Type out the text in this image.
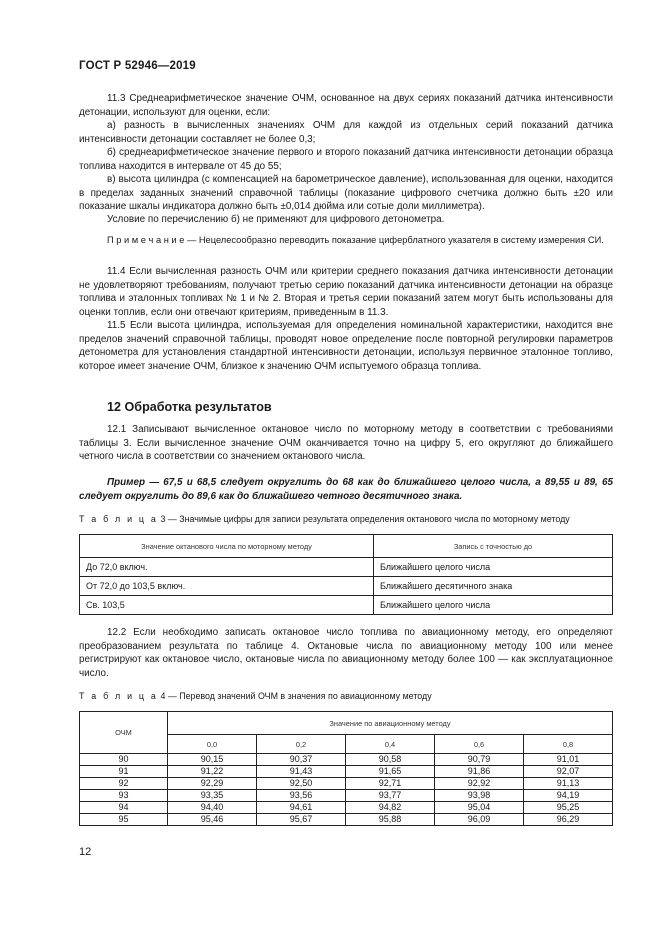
ГОСТ Р 52946—2019

11.3 Среднеарифметическое значение ОЧМ, основанное на двух сериях показаний датчика интенсивности детонации, используют для оценки, если:

а) разность в вычисленных значениях ОЧМ для каждой из отдельных серий показаний датчика интенсивности детонации составляет не более 0,3;

б) среднеарифметическое значение первого и второго показаний датчика интенсивности детонации образца топлива находится в интервале от 45 до 55;

в) высота цилиндра (с компенсацией на барометрическое давление), использованная для оценки, находится в пределах заданных значений справочной таблицы (показание цифрового счетчика должно быть ±20 или показание шкалы индикатора должно быть ±0,014 дюйма или сотые доли миллиметра).

Условие по перечислению б) не применяют для цифрового детонометра.

П р и м е ч а н и е — Нецелесообразно переводить показание циферблатного указателя в систему измерения СИ.

11.4 Если вычисленная разность ОЧМ или критерии среднего показания датчика интенсивности детонации не удовлетворяют требованиям, получают третью серию показаний датчика интенсивности детонации на образце топлива и эталонных топливах № 1 и № 2. Вторая и третья серии показаний затем могут быть использованы для оценки топлив, если они отвечают критериям, приведенным в 11.3.

11.5 Если высота цилиндра, используемая для определения номинальной характеристики, находится вне пределов значений справочной таблицы, проводят новое определение после повторной регулировки параметров детонометра для установления стандартной интенсивности детонации, используя первичное эталонное топливо, которое имеет значение ОЧМ, близкое к значению ОЧМ испытуемого образца топлива.

12 Обработка результатов

12.1 Записывают вычисленное октановое число по моторному методу в соответствии с требованиями таблицы 3. Если вычисленное значение ОЧМ оканчивается точно на цифру 5, его округляют до ближайшего четного числа в соответствии со значением октанового числа.

Пример — 67,5 и 68,5 следует округлить до 68 как до ближайшего целого числа, а 89,55 и 89, 65 следует округлить до 89,6 как до ближайшего четного десятичного знака.

Т а б л и ц а 3 — Значимые цифры для записи результата определения октанового числа по моторному методу
Значение октанового числа по моторному методу	Запись с точностью до
До 72,0 включ.	Ближайшего целого числа
От 72,0 до 103,5 включ.	Ближайшего десятичного знака
Св. 103,5	Ближайшего целого числа

12.2 Если необходимо записать октановое число топлива по авиационному методу, его определяют преобразованием результата по таблице 4. Октановые числа по авиационному методу 100 или менее регистрируют как октановое число, октановые числа по авиационному методу более 100 — как эксплуатационное число.

Т а б л и ц а 4 — Перевод значений ОЧМ в значения по авиационному методу
ОЧМ	Значение по авиационному методу				
	0,0	0,2	0,4	0,6	0,8
90	90,15	90,37	90,58	90,79	91,01
91	91,22	91,43	91,65	91,86	92,07
92	92,29	92,50	92,71	92,92	91,13
93	93,35	93,56	93,77	93,98	94,19
94	94,40	94,61	94,82	95,04	95,25
95	95,46	95,67	95,88	96,09	96,29
12
